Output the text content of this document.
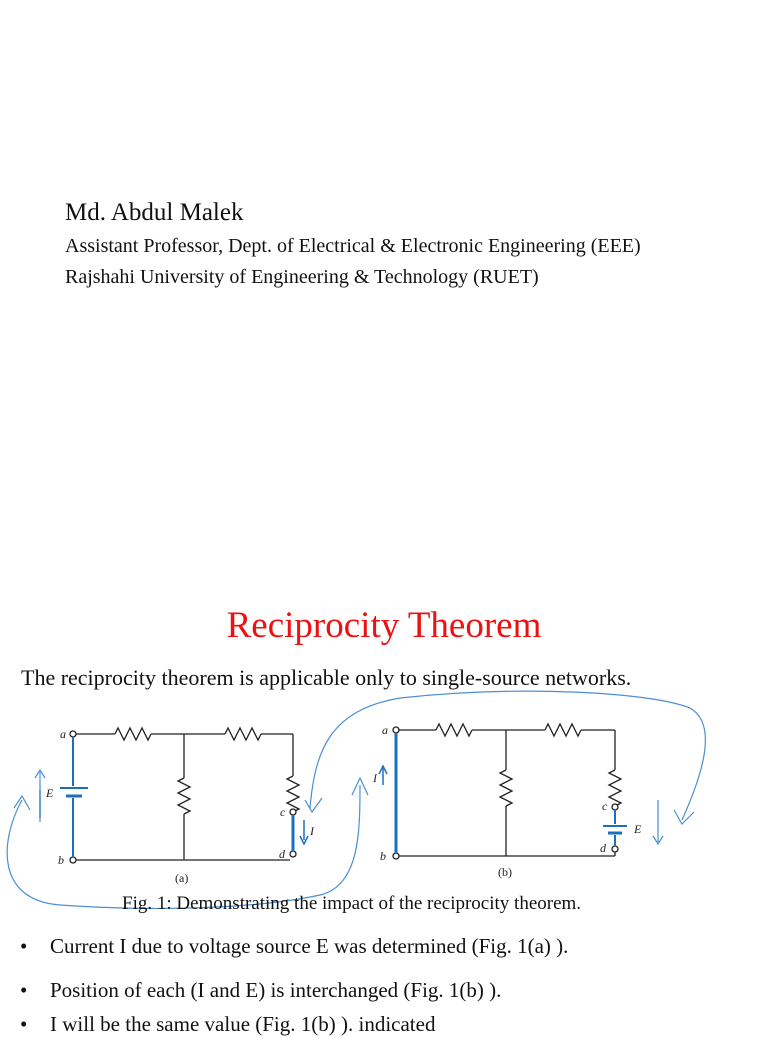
Md. Abdul Malek
Assistant Professor, Dept. of Electrical & Electronic Engineering (EEE)
Rajshahi University of Engineering & Technology (RUET)
Reciprocity Theorem
The reciprocity theorem is applicable only to single-source networks.
a
b
c
d
E
I
(a)
a
b
c
d
E
I
(b)
Fig. 1: Demonstrating the impact of the reciprocity theorem.
• Current I due to voltage source E was determined (Fig. 1(a) ).
• Position of each (I and E) is interchanged (Fig. 1(b) ).
• I will be the same value (Fig. 1(b) ). indicated
